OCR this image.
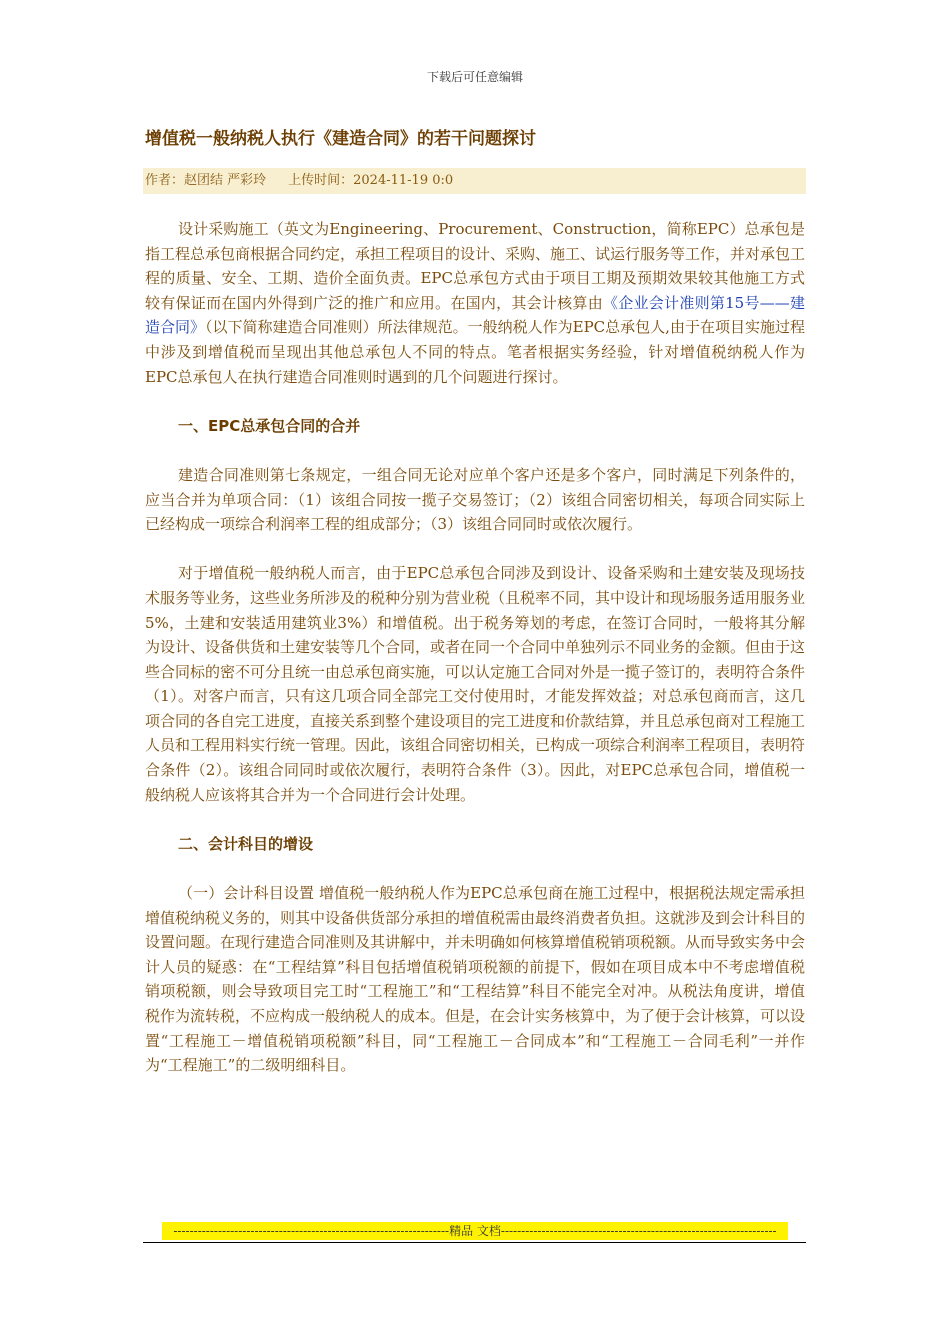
下载后可任意编辑
增值税一般纳税人执行《建造合同》的若干问题探讨
作者：赵团结 严彩玲 上传时间：2024-11-19 0:0

设计采购施工（英文为Engineering、Procurement、Construction，简称EPC）总承包是指工程总承包商根据合同约定，承担工程项目的设计、采购、施工、试运行服务等工作，并对承包工程的质量、安全、工期、造价全面负责。EPC总承包方式由于项目工期及预期效果较其他施工方式较有保证而在国内外得到广泛的推广和应用。在国内，其会计核算由《企业会计准则第15号——建造合同》（以下简称建造合同准则）所法律规范。一般纳税人作为EPC总承包人,由于在项目实施过程中涉及到增值税而呈现出其他总承包人不同的特点。笔者根据实务经验，针对增值税纳税人作为EPC总承包人在执行建造合同准则时遇到的几个问题进行探讨。

一、EPC总承包合同的合并

建造合同准则第七条规定，一组合同无论对应单个客户还是多个客户，同时满足下列条件的，应当合并为单项合同：（1）该组合同按一揽子交易签订；（2）该组合同密切相关，每项合同实际上已经构成一项综合利润率工程的组成部分；（3）该组合同同时或依次履行。

对于增值税一般纳税人而言，由于EPC总承包合同涉及到设计、设备采购和土建安装及现场技术服务等业务，这些业务所涉及的税种分别为营业税（且税率不同，其中设计和现场服务适用服务业5%，土建和安装适用建筑业3%）和增值税。出于税务筹划的考虑，在签订合同时，一般将其分解为设计、设备供货和土建安装等几个合同，或者在同一个合同中单独列示不同业务的金额。但由于这些合同标的密不可分且统一由总承包商实施，可以认定施工合同对外是一揽子签订的，表明符合条件（1）。对客户而言，只有这几项合同全部完工交付使用时，才能发挥效益；对总承包商而言，这几项合同的各自完工进度，直接关系到整个建设项目的完工进度和价款结算，并且总承包商对工程施工人员和工程用料实行统一管理。因此，该组合同密切相关，已构成一项综合利润率工程项目，表明符合条件（2）。该组合同同时或依次履行，表明符合条件（3）。因此，对EPC总承包合同，增值税一般纳税人应该将其合并为一个合同进行会计处理。

二、会计科目的增设

（一）会计科目设置 增值税一般纳税人作为EPC总承包商在施工过程中，根据税法规定需承担增值税纳税义务的，则其中设备供货部分承担的增值税需由最终消费者负担。这就涉及到会计科目的设置问题。在现行建造合同准则及其讲解中，并未明确如何核算增值税销项税额。从而导致实务中会计人员的疑惑：在“工程结算”科目包括增值税销项税额的前提下，假如在项目成本中不考虑增值税销项税额，则会导致项目完工时“工程施工”和“工程结算”科目不能完全对冲。从税法角度讲，增值税作为流转税，不应构成一般纳税人的成本。但是，在会计实务核算中，为了便于会计核算，可以设置“工程施工－增值税销项税额”科目，同“工程施工－合同成本”和“工程施工－合同毛利”一并作为“工程施工”的二级明细科目。

--------------------------------------------------------------------精品 文档--------------------------------------------------------------------
